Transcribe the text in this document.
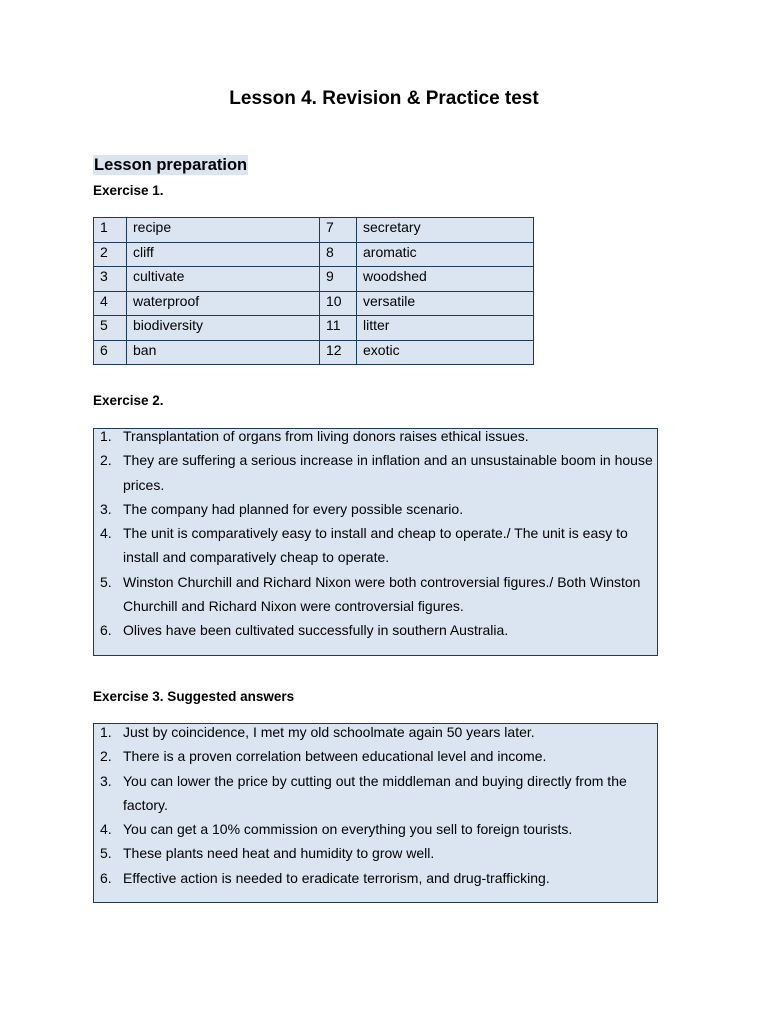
Lesson 4. Revision & Practice test
Lesson preparation
Exercise 1.
1	recipe	7	secretary
2	cliff	8	aromatic
3	cultivate	9	woodshed
4	waterproof	10	versatile
5	biodiversity	11	litter
6	ban	12	exotic
Exercise 2.
1. Transplantation of organs from living donors raises ethical issues.
2. They are suffering a serious increase in inflation and an unsustainable boom in house prices.
3. The company had planned for every possible scenario.
4. The unit is comparatively easy to install and cheap to operate./ The unit is easy to install and comparatively cheap to operate.
5. Winston Churchill and Richard Nixon were both controversial figures./ Both Winston Churchill and Richard Nixon were controversial figures.
6. Olives have been cultivated successfully in southern Australia.
Exercise 3. Suggested answers
1. Just by coincidence, I met my old schoolmate again 50 years later.
2. There is a proven correlation between educational level and income.
3. You can lower the price by cutting out the middleman and buying directly from the factory.
4. You can get a 10% commission on everything you sell to foreign tourists.
5. These plants need heat and humidity to grow well.
6. Effective action is needed to eradicate terrorism, and drug-trafficking.
